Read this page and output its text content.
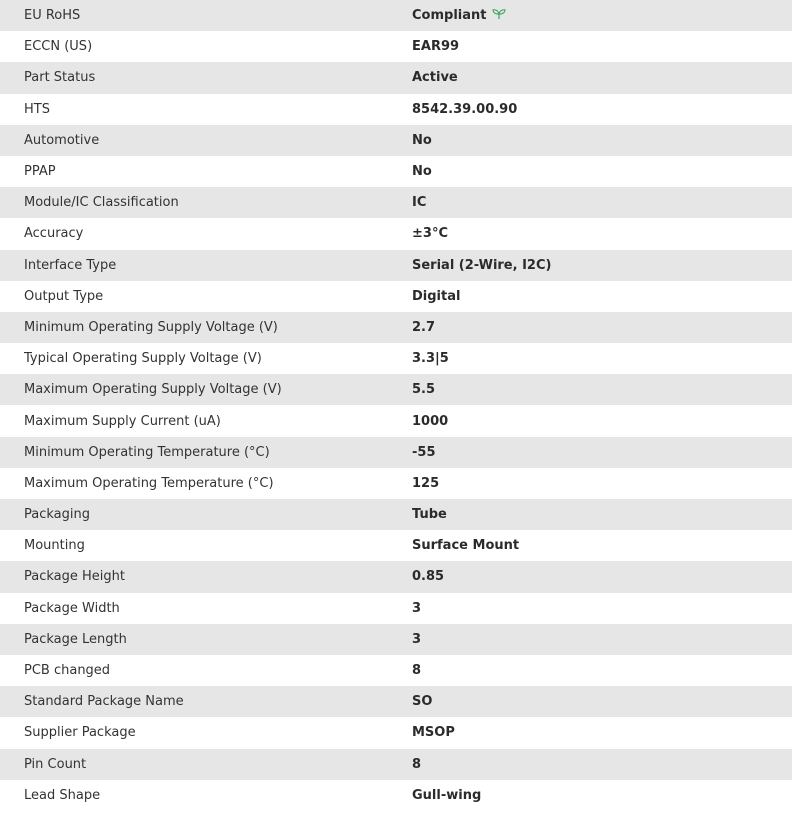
EU RoHS	Compliant
ECCN (US)	EAR99
Part Status	Active
HTS	8542.39.00.90
Automotive	No
PPAP	No
Module/IC Classification	IC
Accuracy	±3°C
Interface Type	Serial (2-Wire, I2C)
Output Type	Digital
Minimum Operating Supply Voltage (V)	2.7
Typical Operating Supply Voltage (V)	3.3|5
Maximum Operating Supply Voltage (V)	5.5
Maximum Supply Current (uA)	1000
Minimum Operating Temperature (°C)	-55
Maximum Operating Temperature (°C)	125
Packaging	Tube
Mounting	Surface Mount
Package Height	0.85
Package Width	3
Package Length	3
PCB changed	8
Standard Package Name	SO
Supplier Package	MSOP
Pin Count	8
Lead Shape	Gull-wing
